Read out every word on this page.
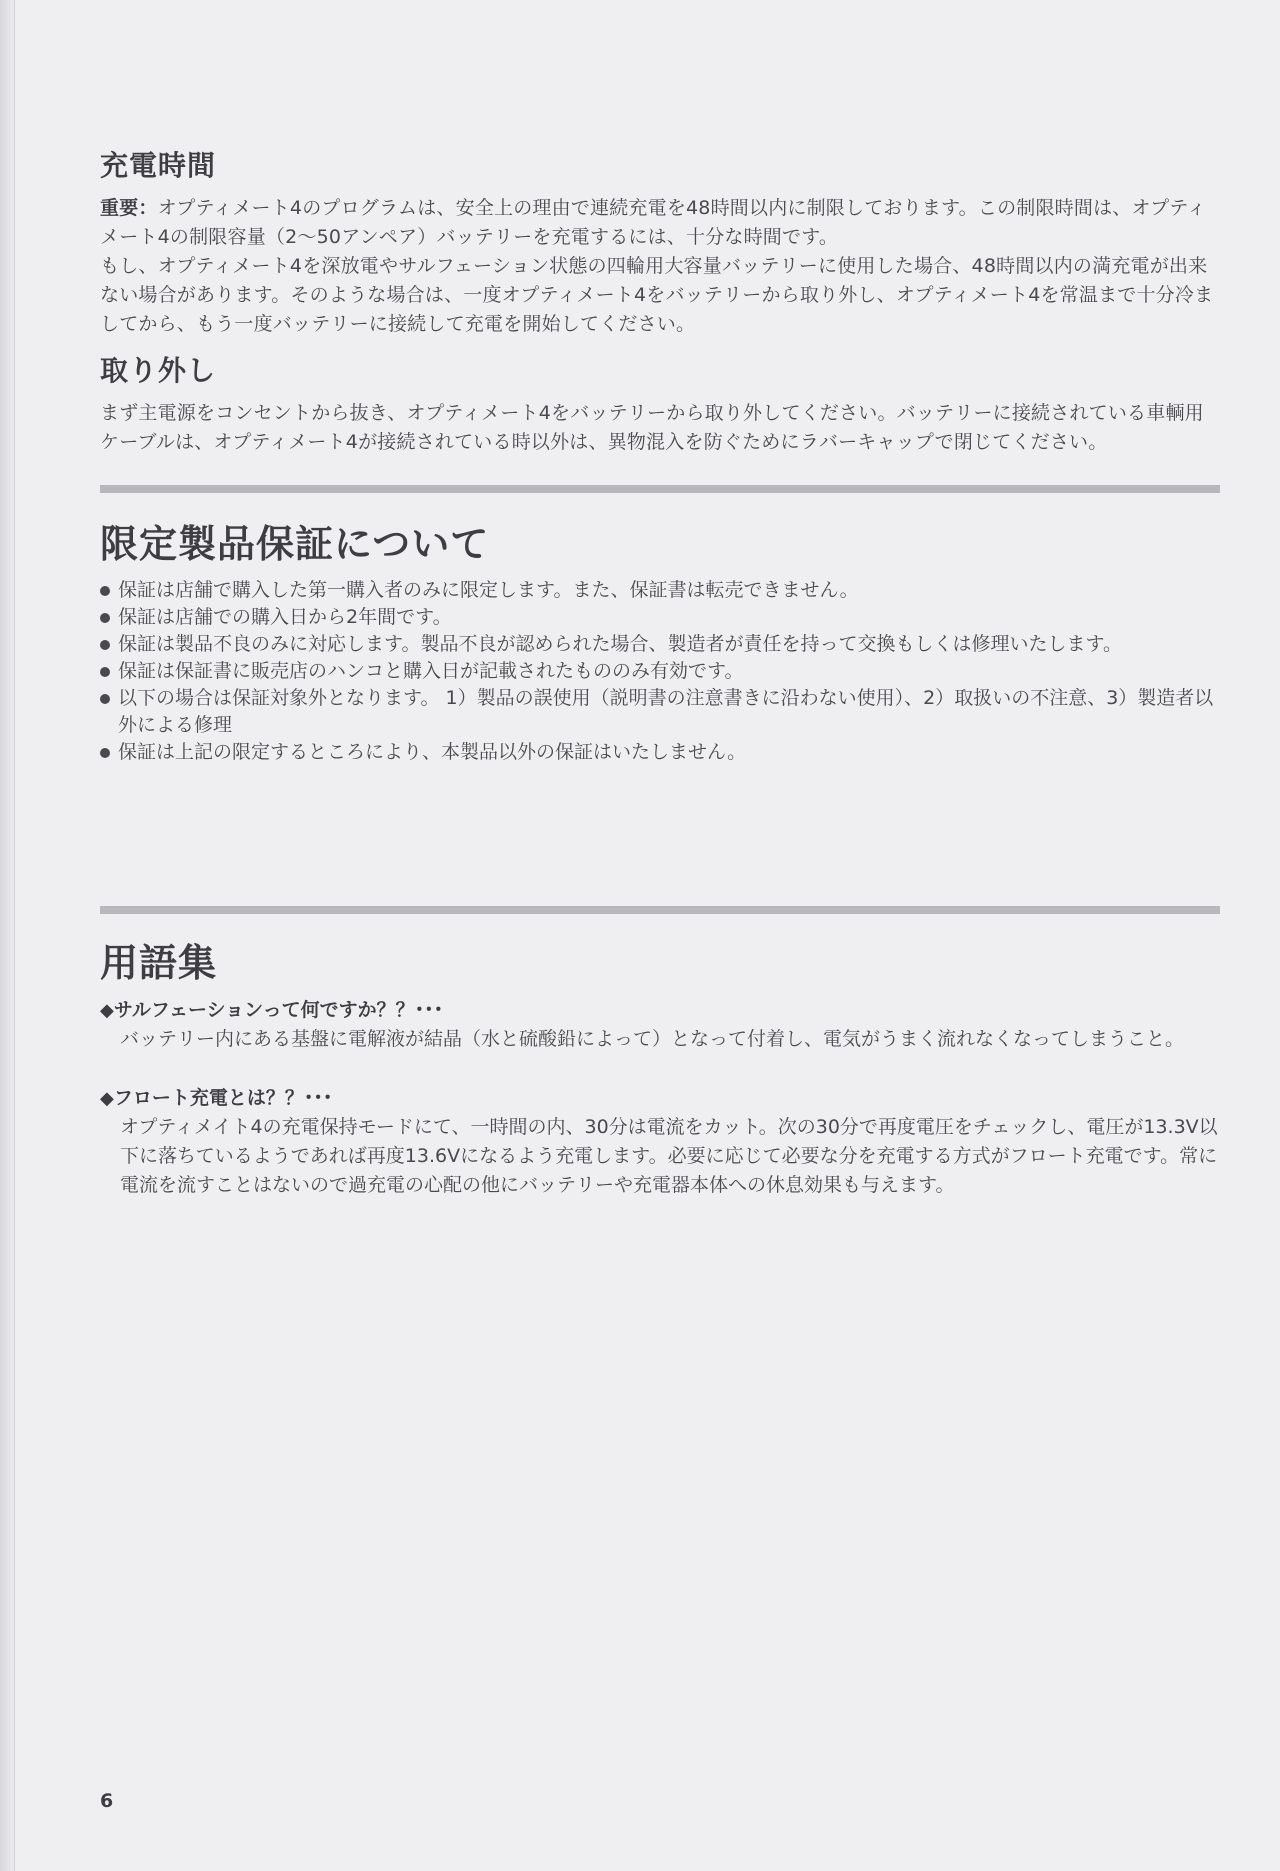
充電時間

重要：オプティメート4のプログラムは、安全上の理由で連続充電を48時間以内に制限しております。この制限時間は、オプティメート4の制限容量（2〜50アンペア）バッテリーを充電するには、十分な時間です。

もし、オプティメート4を深放電やサルフェーション状態の四輪用大容量バッテリーに使用した場合、48時間以内の満充電が出来ない場合があります。そのような場合は、一度オプティメート4をバッテリーから取り外し、オプティメート4を常温まで十分冷ましてから、もう一度バッテリーに接続して充電を開始してください。

取り外し

まず主電源をコンセントから抜き、オプティメート4をバッテリーから取り外してください。バッテリーに接続されている車輌用ケーブルは、オプティメート4が接続されている時以外は、異物混入を防ぐためにラバーキャップで閉じてください。

限定製品保証について
保証は店舗で購入した第一購入者のみに限定します。また、保証書は転売できません。
保証は店舗での購入日から2年間です。
保証は製品不良のみに対応します。製品不良が認められた場合、製造者が責任を持って交換もしくは修理いたします。
保証は保証書に販売店のハンコと購入日が記載されたもののみ有効です。
以下の場合は保証対象外となります。 1）製品の誤使用（説明書の注意書きに沿わない使用）、2）取扱いの不注意、3）製造者以外による修理
保証は上記の限定するところにより、本製品以外の保証はいたしません。
用語集
◆サルフェーションって何ですか？？･･･
バッテリー内にある基盤に電解液が結晶（水と硫酸鉛によって）となって付着し、電気がうまく流れなくなってしまうこと。
◆フロート充電とは？？･･･
オプティメイト4の充電保持モードにて、一時間の内、30分は電流をカット。次の30分で再度電圧をチェックし、電圧が13.3V以下に落ちているようであれば再度13.6Vになるよう充電します。必要に応じて必要な分を充電する方式がフロート充電です。常に電流を流すことはないので過充電の心配の他にバッテリーや充電器本体への休息効果も与えます。
6
